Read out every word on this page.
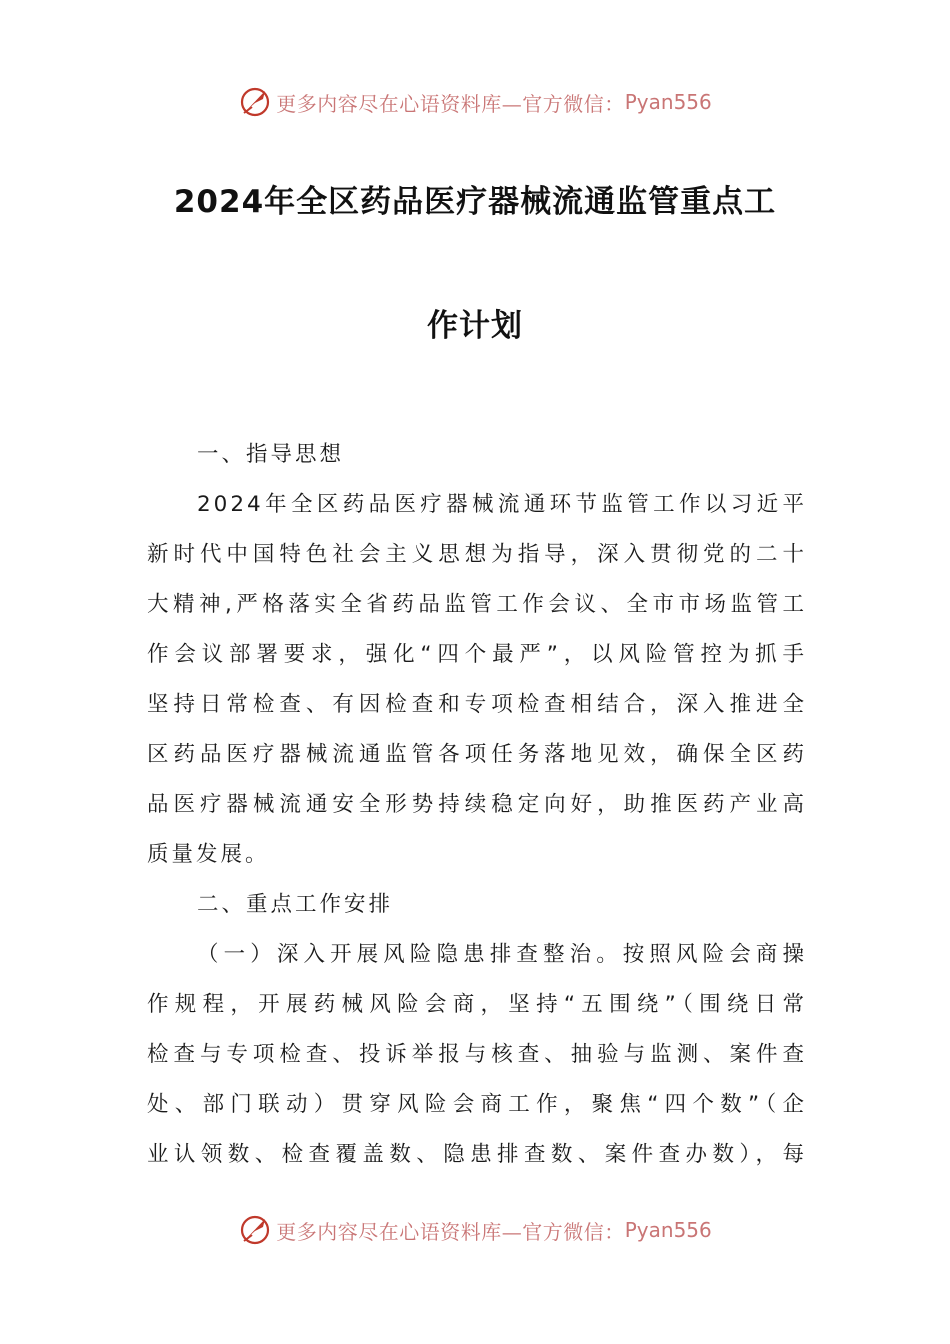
更多内容尽在心语资料库—官方微信： Pyan556
2024年全区药品医疗器械流通监管重点工
作计划
一、指导思想
2024年全区药品医疗器械流通环节监管工作以习近平
新时代中国特色社会主义思想为指导，深入贯彻党的二十
大精神,严格落实全省药品监管工作会议、全市市场监管工
作会议部署要求，强化“四个最严”，以风险管控为抓手
坚持日常检查、有因检查和专项检查相结合，深入推进全
区药品医疗器械流通监管各项任务落地见效，确保全区药
品医疗器械流通安全形势持续稳定向好，助推医药产业高
质量发展。
二、重点工作安排
（一）深入开展风险隐患排查整治。按照风险会商操
作规程，开展药械风险会商，坚持“五围绕”（围绕日常
检查与专项检查、投诉举报与核查、抽验与监测、案件查
处、部门联动）贯穿风险会商工作，聚焦“四个数”（企
业认领数、检查覆盖数、隐患排查数、案件查办数），每
更多内容尽在心语资料库—官方微信： Pyan556
